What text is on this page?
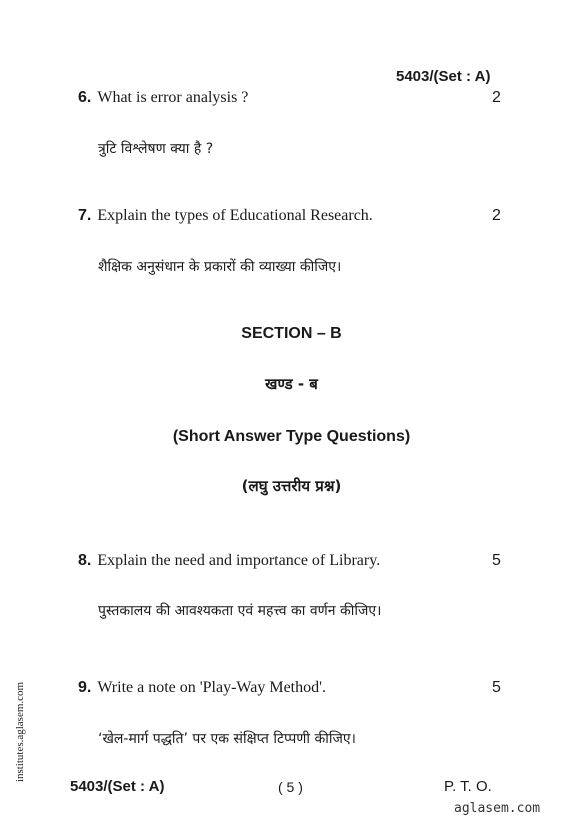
5403/(Set : A)
6. What is error analysis ?	2
त्रुटि विश्लेषण क्या है ?
7. Explain the types of Educational Research.	2
शैक्षिक अनुसंधान के प्रकारों की व्याख्या कीजिए।
SECTION – B
खण्ड - ब
(Short Answer Type Questions)
(लघु उत्तरीय प्रश्न)
8. Explain the need and importance of Library.	5
पुस्तकालय की आवश्यकता एवं महत्त्व का वर्णन कीजिए।
9. Write a note on 'Play-Way Method'.	5
‘खेल-मार्ग पद्धति’ पर एक संक्षिप्त टिप्पणी कीजिए।
5403/(Set : A)	( 5 )	P. T. O.
institutes.aglasem.com
aglasem.com
